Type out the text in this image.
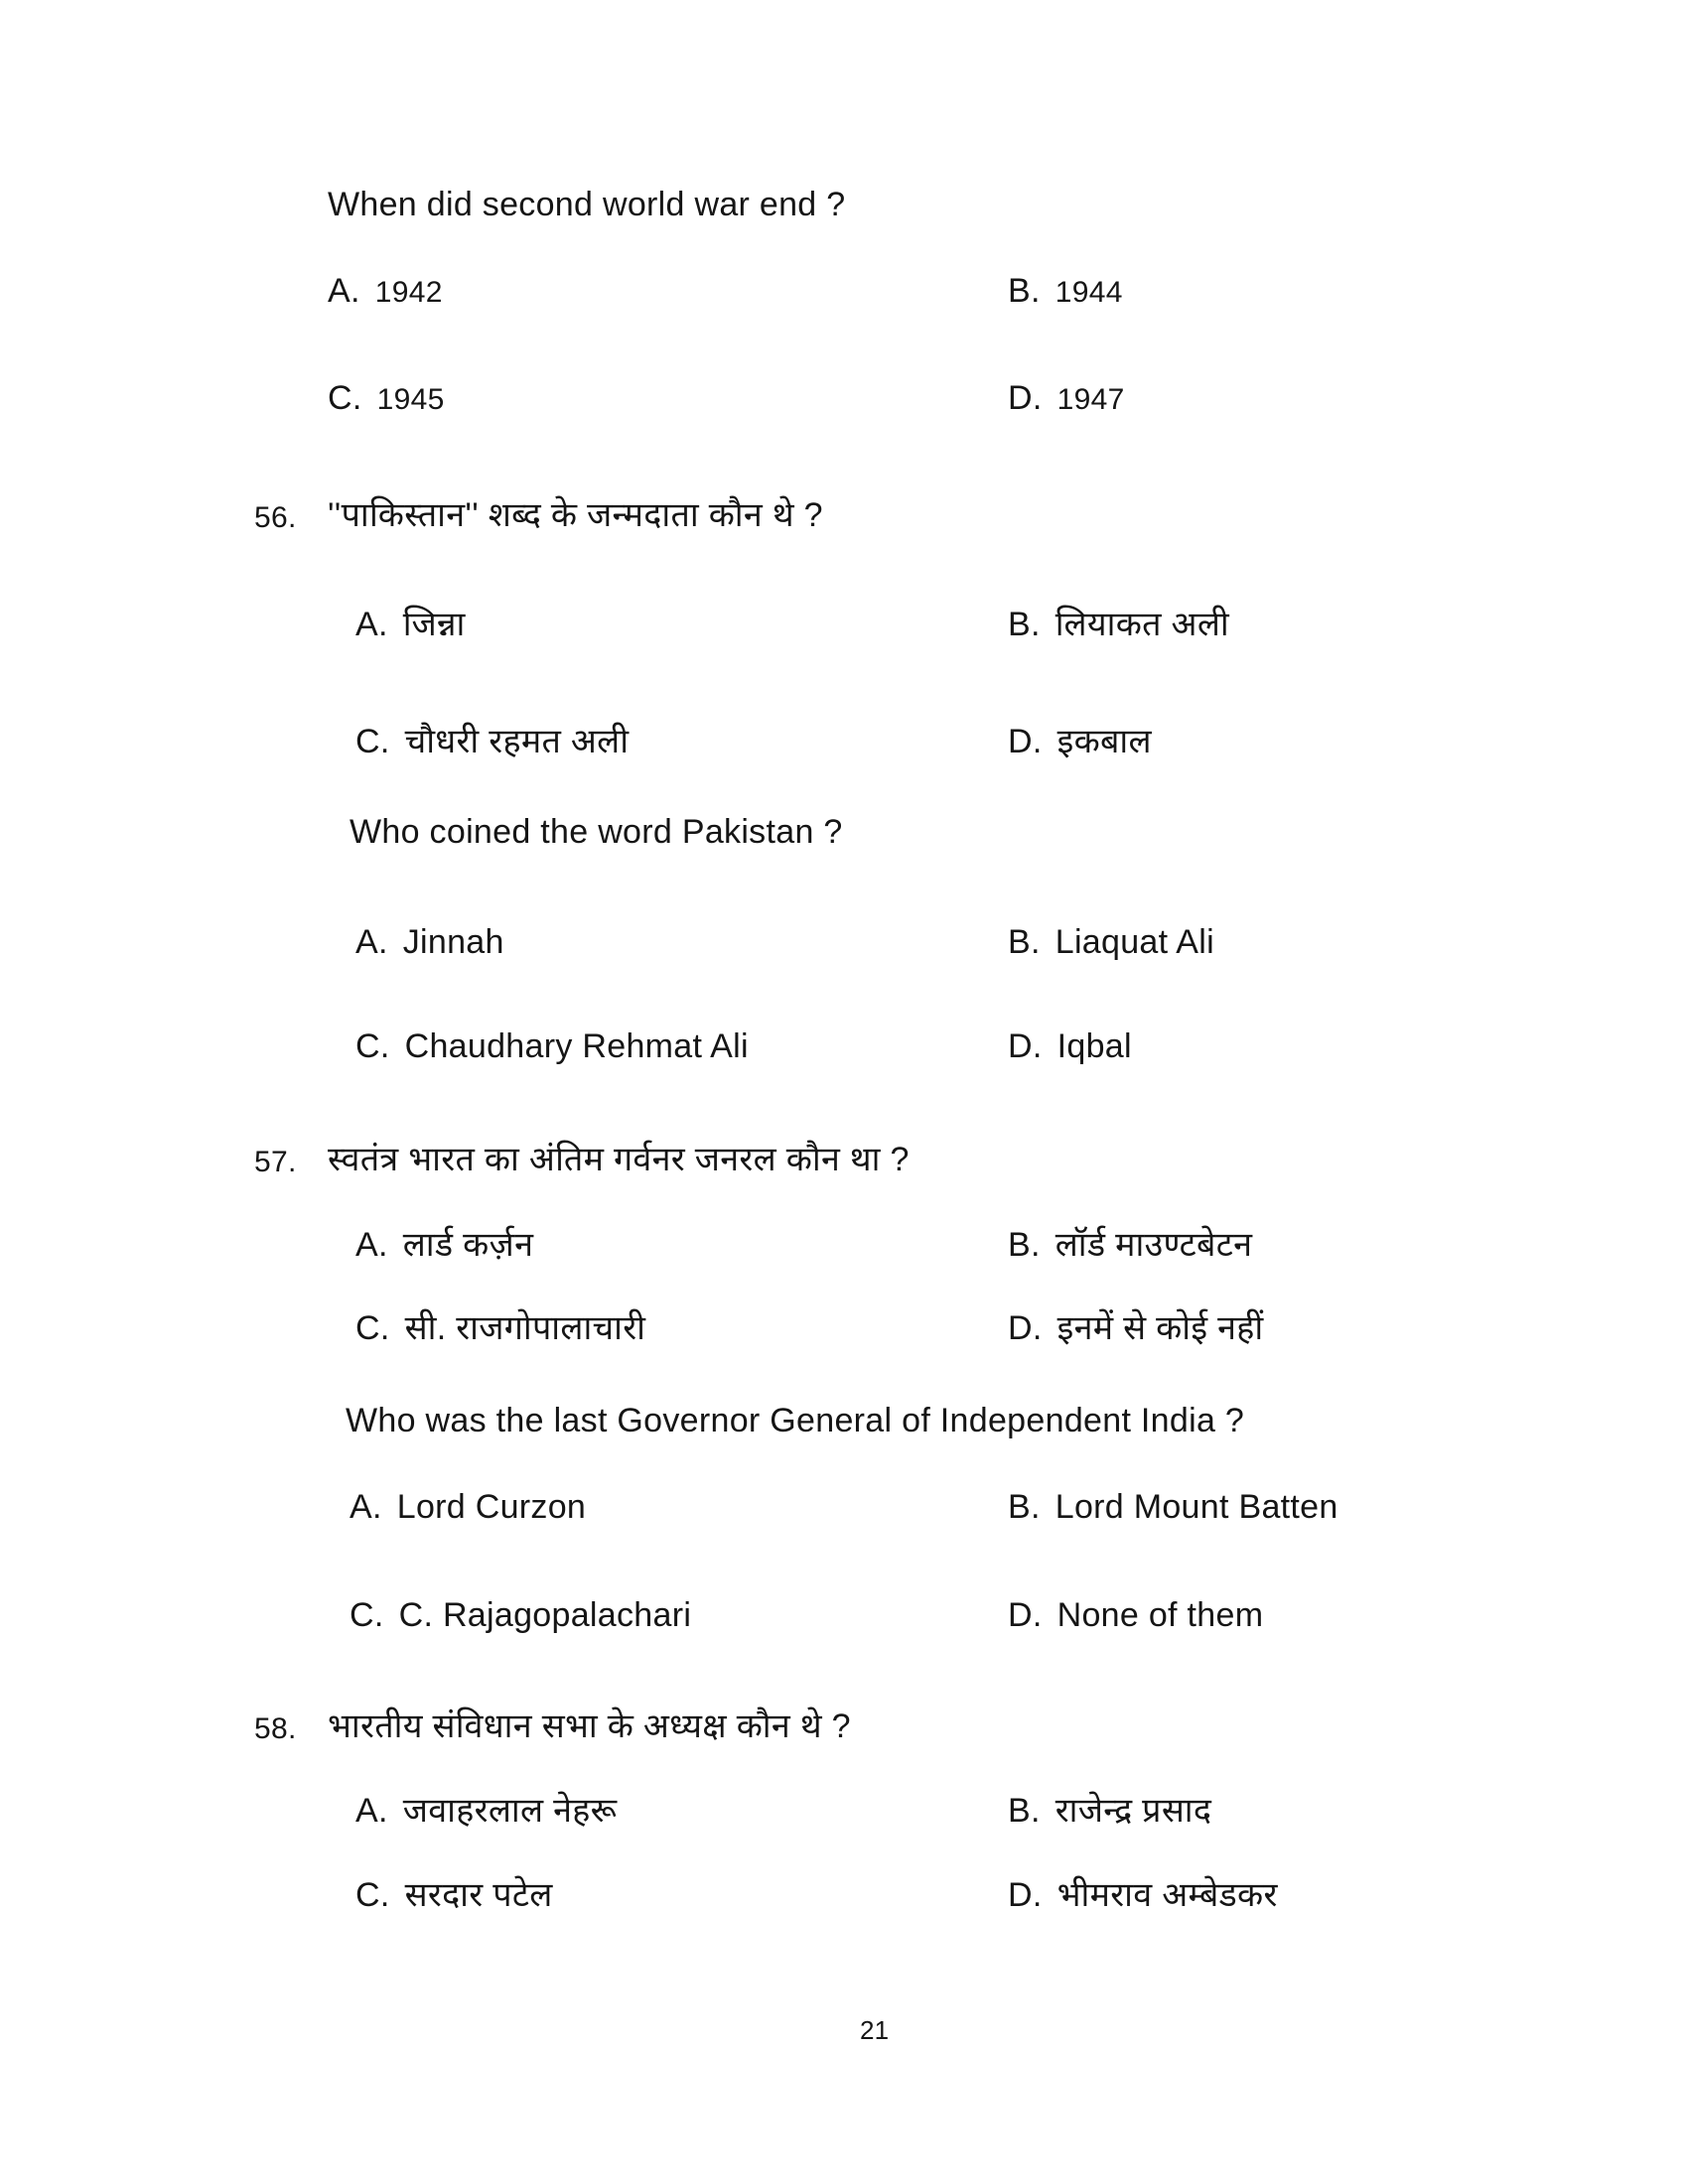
When did second world war end ?
A. 1942	B. 1944
C. 1945	D. 1947
56. ''पाकिस्तान'' शब्द के जन्मदाता कौन थे ?
A. जिन्ना	B. लियाकत अली
C. चौधरी रहमत अली	D. इकबाल
Who coined the word Pakistan ?
A. Jinnah	B. Liaquat Ali
C. Chaudhary Rehmat Ali	D. Iqbal
57. स्वतंत्र भारत का अंतिम गर्वनर जनरल कौन था ?
A. लार्ड कर्ज़न	B. लॉर्ड माउण्टबेटन
C. सी. राजगोपालाचारी	D. इनमें से कोई नहीं
Who was the last Governor General of Independent India ?
A. Lord Curzon	B. Lord Mount Batten
C. C. Rajagopalachari	D. None of them
58. भारतीय संविधान सभा के अध्यक्ष कौन थे ?
A. जवाहरलाल नेहरू	B. राजेन्द्र प्रसाद
C. सरदार पटेल	D. भीमराव अम्बेडकर
21
